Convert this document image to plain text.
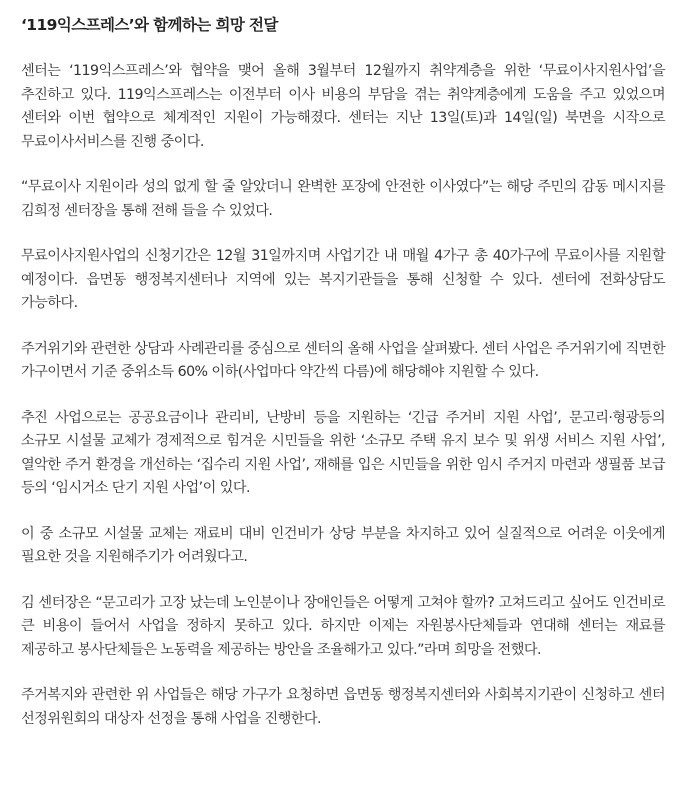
‘119익스프레스’와 함께하는 희망 전달

센터는 ‘119익스프레스’와 협약을 맺어 올해 3월부터 12월까지 취약계층을 위한 ‘무료이사지원사업’을 추진하고 있다. 119익스프레스는 이전부터 이사 비용의 부담을 겪는 취약계층에게 도움을 주고 있었으며 센터와 이번 협약으로 체계적인 지원이 가능해졌다. 센터는 지난 13일(토)과 14일(일) 북면을 시작으로 무료이사서비스를 진행 중이다.

“무료이사 지원이라 성의 없게 할 줄 알았더니 완벽한 포장에 안전한 이사였다”는 해당 주민의 감동 메시지를 김희정 센터장을 통해 전해 들을 수 있었다.

무료이사지원사업의 신청기간은 12월 31일까지며 사업기간 내 매월 4가구 총 40가구에 무료이사를 지원할 예정이다. 읍면동 행정복지센터나 지역에 있는 복지기관들을 통해 신청할 수 있다. 센터에 전화상담도 가능하다.

주거위기와 관련한 상담과 사례관리를 중심으로 센터의 올해 사업을 살펴봤다. 센터 사업은 주거위기에 직면한 가구이면서 기준 중위소득 60% 이하(사업마다 약간씩 다름)에 해당해야 지원할 수 있다.

추진 사업으로는 공공요금이나 관리비, 난방비 등을 지원하는 ‘긴급 주거비 지원 사업’, 문고리·형광등의 소규모 시설물 교체가 경제적으로 힘겨운 시민들을 위한 ‘소규모 주택 유지 보수 및 위생 서비스 지원 사업’, 열악한 주거 환경을 개선하는 ‘집수리 지원 사업’, 재해를 입은 시민들을 위한 임시 주거지 마련과 생필품 보급 등의 ‘임시거소 단기 지원 사업’이 있다.

이 중 소규모 시설물 교체는 재료비 대비 인건비가 상당 부분을 차지하고 있어 실질적으로 어려운 이웃에게 필요한 것을 지원해주기가 어려웠다고.

김 센터장은 “문고리가 고장 났는데 노인분이나 장애인들은 어떻게 고쳐야 할까? 고쳐드리고 싶어도 인건비로 큰 비용이 들어서 사업을 정하지 못하고 있다. 하지만 이제는 자원봉사단체들과 연대해 센터는 재료를 제공하고 봉사단체들은 노동력을 제공하는 방안을 조율해가고 있다.”라며 희망을 전했다.

주거복지와 관련한 위 사업들은 해당 가구가 요청하면 읍면동 행정복지센터와 사회복지기관이 신청하고 센터 선정위원회의 대상자 선정을 통해 사업을 진행한다.
